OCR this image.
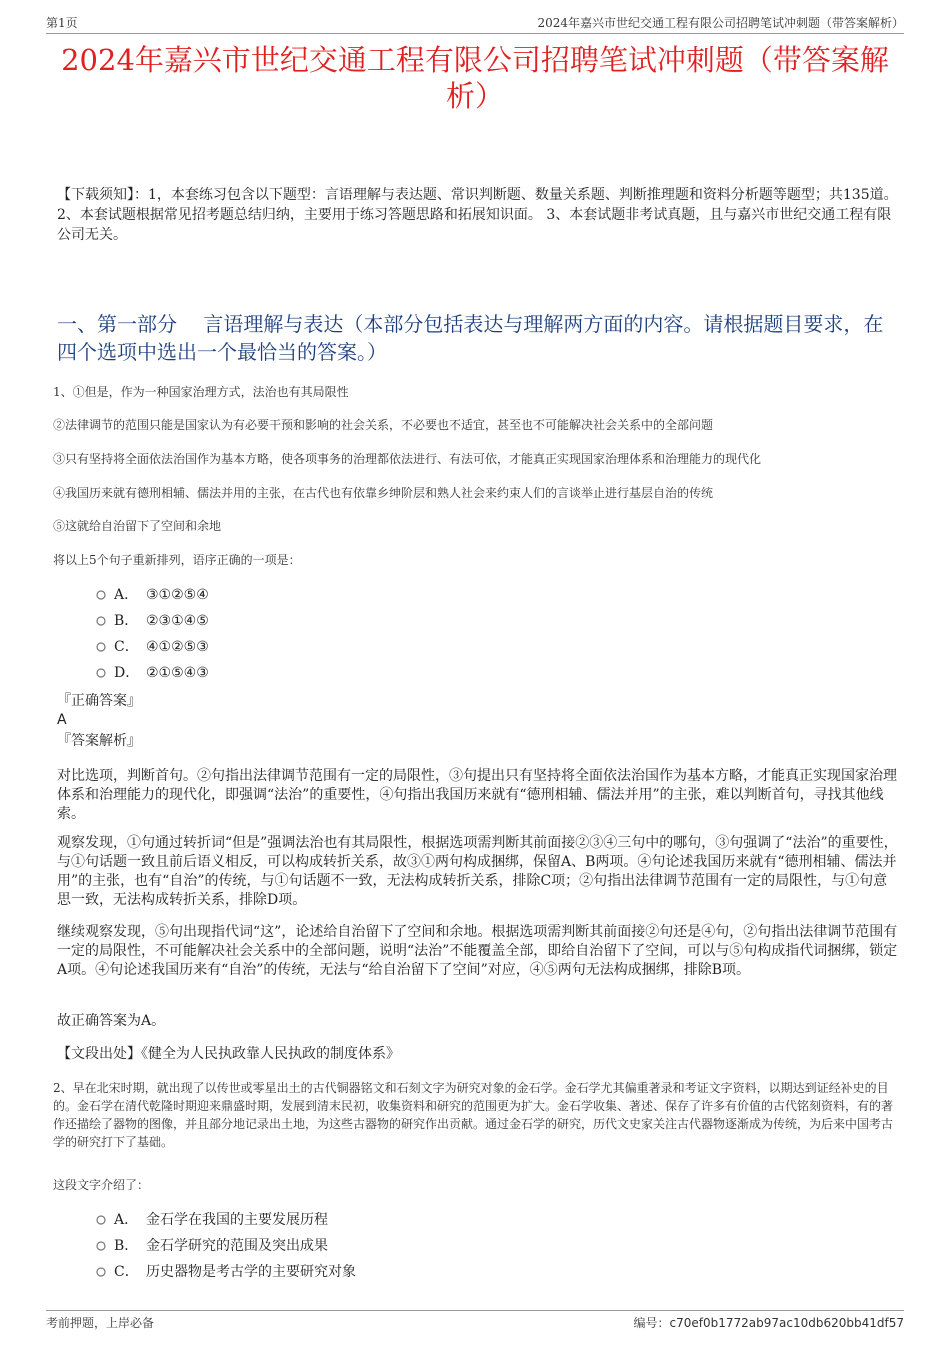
第1页	2024年嘉兴市世纪交通工程有限公司招聘笔试冲刺题（带答案解析）
2024年嘉兴市世纪交通工程有限公司招聘笔试冲刺题（带答案解析）
【下载须知】：1，本套练习包含以下题型：言语理解与表达题、常识判断题、数量关系题、判断推理题和资料分析题等题型；共135道。 2、本套试题根据常见招考题总结归纳，主要用于练习答题思路和拓展知识面。 3、本套试题非考试真题，且与嘉兴市世纪交通工程有限公司无关。
一、第一部分　 言语理解与表达（本部分包括表达与理解两方面的内容。请根据题目要求，在四个选项中选出一个最恰当的答案。）
1、①但是，作为一种国家治理方式，法治也有其局限性
②法律调节的范围只能是国家认为有必要干预和影响的社会关系，不必要也不适宜，甚至也不可能解决社会关系中的全部问题
③只有坚持将全面依法治国作为基本方略，使各项事务的治理都依法进行、有法可依，才能真正实现国家治理体系和治理能力的现代化
④我国历来就有德刑相辅、儒法并用的主张，在古代也有依靠乡绅阶层和熟人社会来约束人们的言谈举止进行基层自治的传统
⑤这就给自治留下了空间和余地
将以上5个句子重新排列，语序正确的一项是：
A． ③①②⑤④
B． ②③①④⑤
C． ④①②⑤③
D． ②①⑤④③
『正确答案』
A
『答案解析』
对比选项，判断首句。②句指出法律调节范围有一定的局限性，③句提出只有坚持将全面依法治国作为基本方略，才能真正实现国家治理体系和治理能力的现代化，即强调“法治”的重要性，④句指出我国历来就有“德刑相辅、儒法并用”的主张，难以判断首句，寻找其他线索。
观察发现，①句通过转折词“但是”强调法治也有其局限性，根据选项需判断其前面接②③④三句中的哪句，③句强调了“法治”的重要性，与①句话题一致且前后语义相反，可以构成转折关系，故③①两句构成捆绑，保留A、B两项。④句论述我国历来就有“德刑相辅、儒法并用”的主张，也有“自治”的传统，与①句话题不一致，无法构成转折关系，排除C项；②句指出法律调节范围有一定的局限性，与①句意思一致，无法构成转折关系，排除D项。
继续观察发现，⑤句出现指代词“这”，论述给自治留下了空间和余地。根据选项需判断其前面接②句还是④句，②句指出法律调节范围有一定的局限性，不可能解决社会关系中的全部问题，说明“法治”不能覆盖全部，即给自治留下了空间，可以与⑤句构成指代词捆绑，锁定A项。④句论述我国历来有“自治”的传统，无法与“给自治留下了空间”对应，④⑤两句无法构成捆绑，排除B项。
故正确答案为A。
【文段出处】《健全为人民执政靠人民执政的制度体系》
2、早在北宋时期，就出现了以传世或零星出土的古代铜器铭文和石刻文字为研究对象的金石学。金石学尤其偏重著录和考证文字资料，以期达到证经补史的目的。金石学在清代乾隆时期迎来鼎盛时期，发展到清末民初，收集资料和研究的范围更为扩大。金石学收集、著述、保存了许多有价值的古代铭刻资料，有的著作还描绘了器物的图像，并且部分地记录出土地，为这些古器物的研究作出贡献。通过金石学的研究，历代文史家关注古代器物逐渐成为传统，为后来中国考古学的研究打下了基础。
这段文字介绍了：
A． 金石学在我国的主要发展历程
B． 金石学研究的范围及突出成果
C． 历史器物是考古学的主要研究对象
考前押题，上岸必备	编号：c70ef0b1772ab97ac10db620bb41df57
